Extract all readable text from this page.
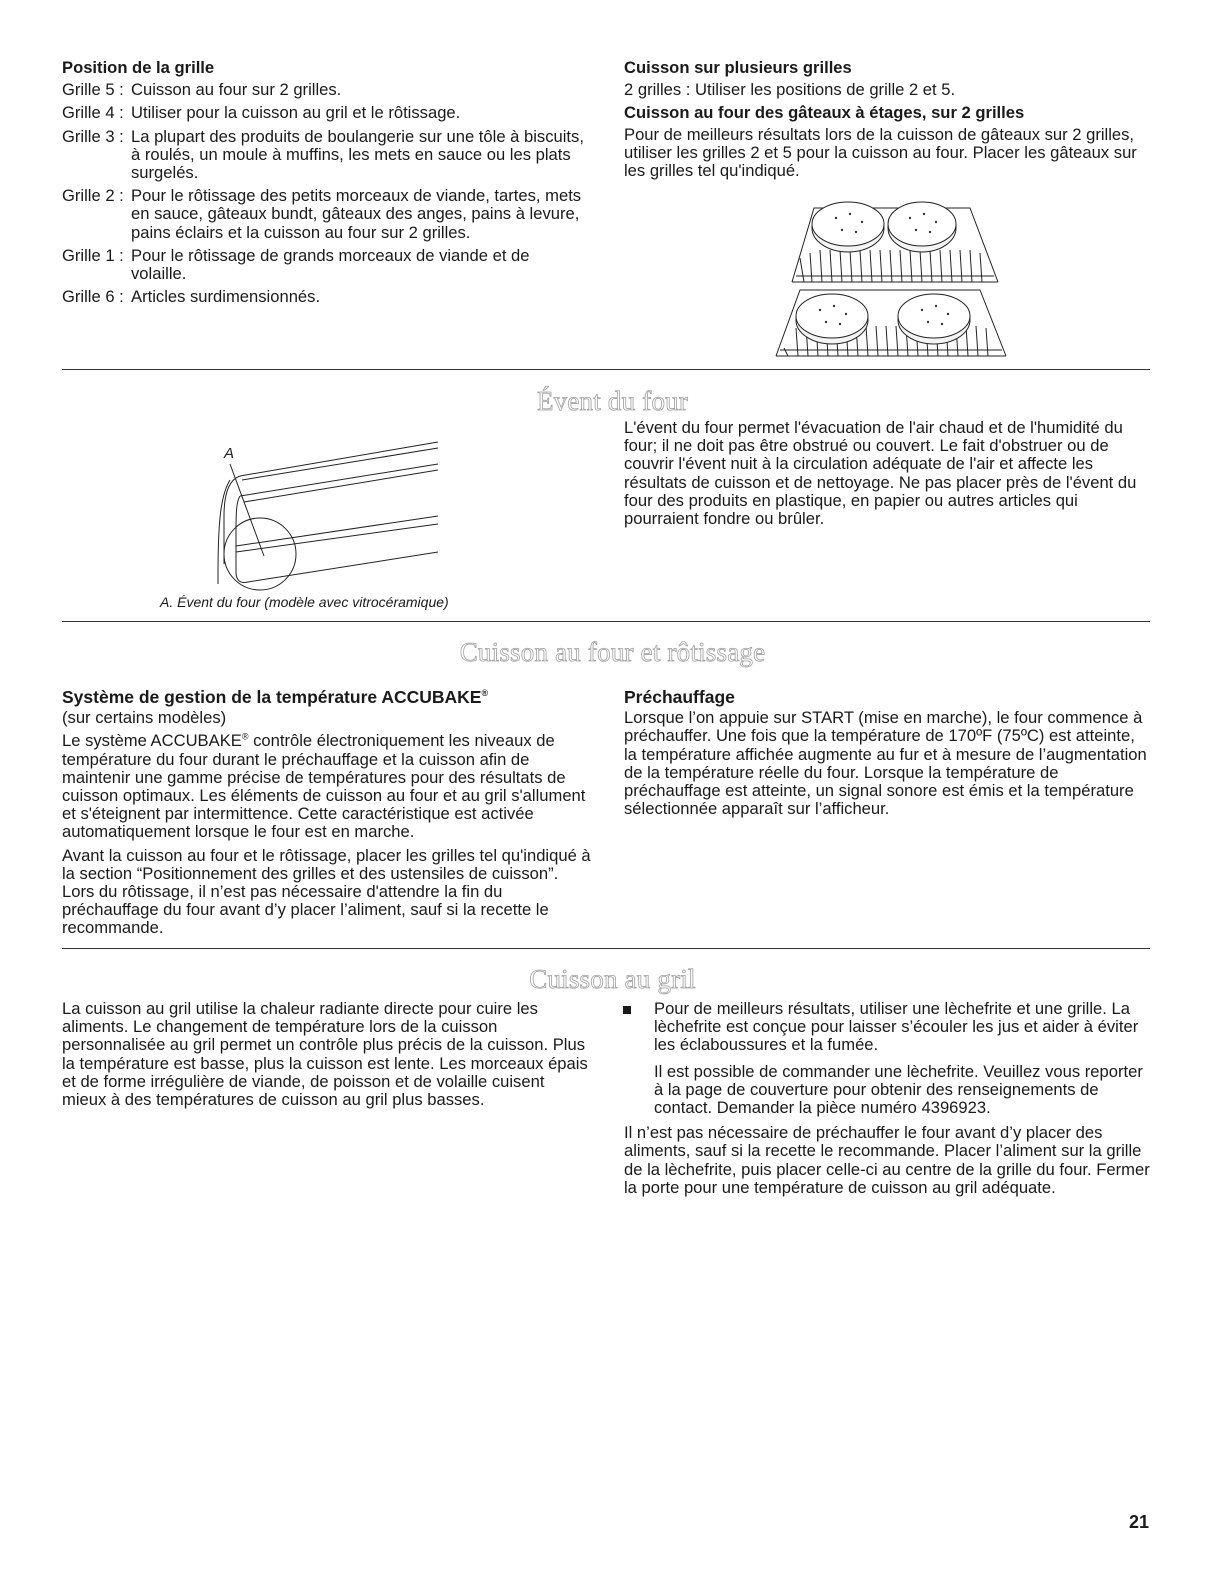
Position de la grille

Grille 5 : Cuisson au four sur 2 grilles.
Grille 4 : Utiliser pour la cuisson au gril et le rôtissage.
Grille 3 : La plupart des produits de boulangerie sur une tôle à biscuits, à roulés, un moule à muffins, les mets en sauce ou les plats surgelés.
Grille 2 : Pour le rôtissage des petits morceaux de viande, tartes, mets en sauce, gâteaux bundt, gâteaux des anges, pains à levure, pains éclairs et la cuisson au four sur 2 grilles.
Grille 1 : Pour le rôtissage de grands morceaux de viande et de volaille.
Grille 6 : Articles surdimensionnés.

Cuisson sur plusieurs grilles

2 grilles : Utiliser les positions de grille 2 et 5.

Cuisson au four des gâteaux à étages, sur 2 grilles

Pour de meilleurs résultats lors de la cuisson de gâteaux sur 2 grilles, utiliser les grilles 2 et 5 pour la cuisson au four. Placer les gâteaux sur les grilles tel qu'indiqué.

Évent du four
A
A. Évent du four (modèle avec vitrocéramique)
L'évent du four permet l'évacuation de l'air chaud et de l'humidité du four; il ne doit pas être obstrué ou couvert. Le fait d'obstruer ou de couvrir l'évent nuit à la circulation adéquate de l'air et affecte les résultats de cuisson et de nettoyage. Ne pas placer près de l'évent du four des produits en plastique, en papier ou autres articles qui pourraient fondre ou brûler.
Cuisson au four et rôtissage

Système de gestion de la température ACCUBAKE®

(sur certains modèles)

Le système ACCUBAKE® contrôle électroniquement les niveaux de température du four durant le préchauffage et la cuisson afin de maintenir une gamme précise de températures pour des résultats de cuisson optimaux. Les éléments de cuisson au four et au gril s'allument et s'éteignent par intermittence. Cette caractéristique est activée automatiquement lorsque le four est en marche.

Avant la cuisson au four et le rôtissage, placer les grilles tel qu'indiqué à la section “Positionnement des grilles et des ustensiles de cuisson”. Lors du rôtissage, il n’est pas nécessaire d'attendre la fin du préchauffage du four avant d’y placer l’aliment, sauf si la recette le recommande.

Préchauffage

Lorsque l’on appuie sur START (mise en marche), le four commence à préchauffer. Une fois que la température de 170ºF (75ºC) est atteinte, la température affichée augmente au fur et à mesure de l’augmentation de la température réelle du four. Lorsque la température de préchauffage est atteinte, un signal sonore est émis et la température sélectionnée apparaît sur l’afficheur.

Cuisson au gril
La cuisson au gril utilise la chaleur radiante directe pour cuire les aliments. Le changement de température lors de la cuisson personnalisée au gril permet un contrôle plus précis de la cuisson. Plus la température est basse, plus la cuisson est lente. Les morceaux épais et de forme irrégulière de viande, de poisson et de volaille cuisent mieux à des températures de cuisson au gril plus basses.

Pour de meilleurs résultats, utiliser une lèchefrite et une grille. La lèchefrite est conçue pour laisser s’écouler les jus et aider à éviter les éclaboussures et la fumée.

Il est possible de commander une lèchefrite. Veuillez vous reporter à la page de couverture pour obtenir des renseignements de contact. Demander la pièce numéro 4396923.

Il n’est pas nécessaire de préchauffer le four avant d’y placer des aliments, sauf si la recette le recommande. Placer l’aliment sur la grille de la lèchefrite, puis placer celle-ci au centre de la grille du four. Fermer la porte pour une température de cuisson au gril adéquate.

21
